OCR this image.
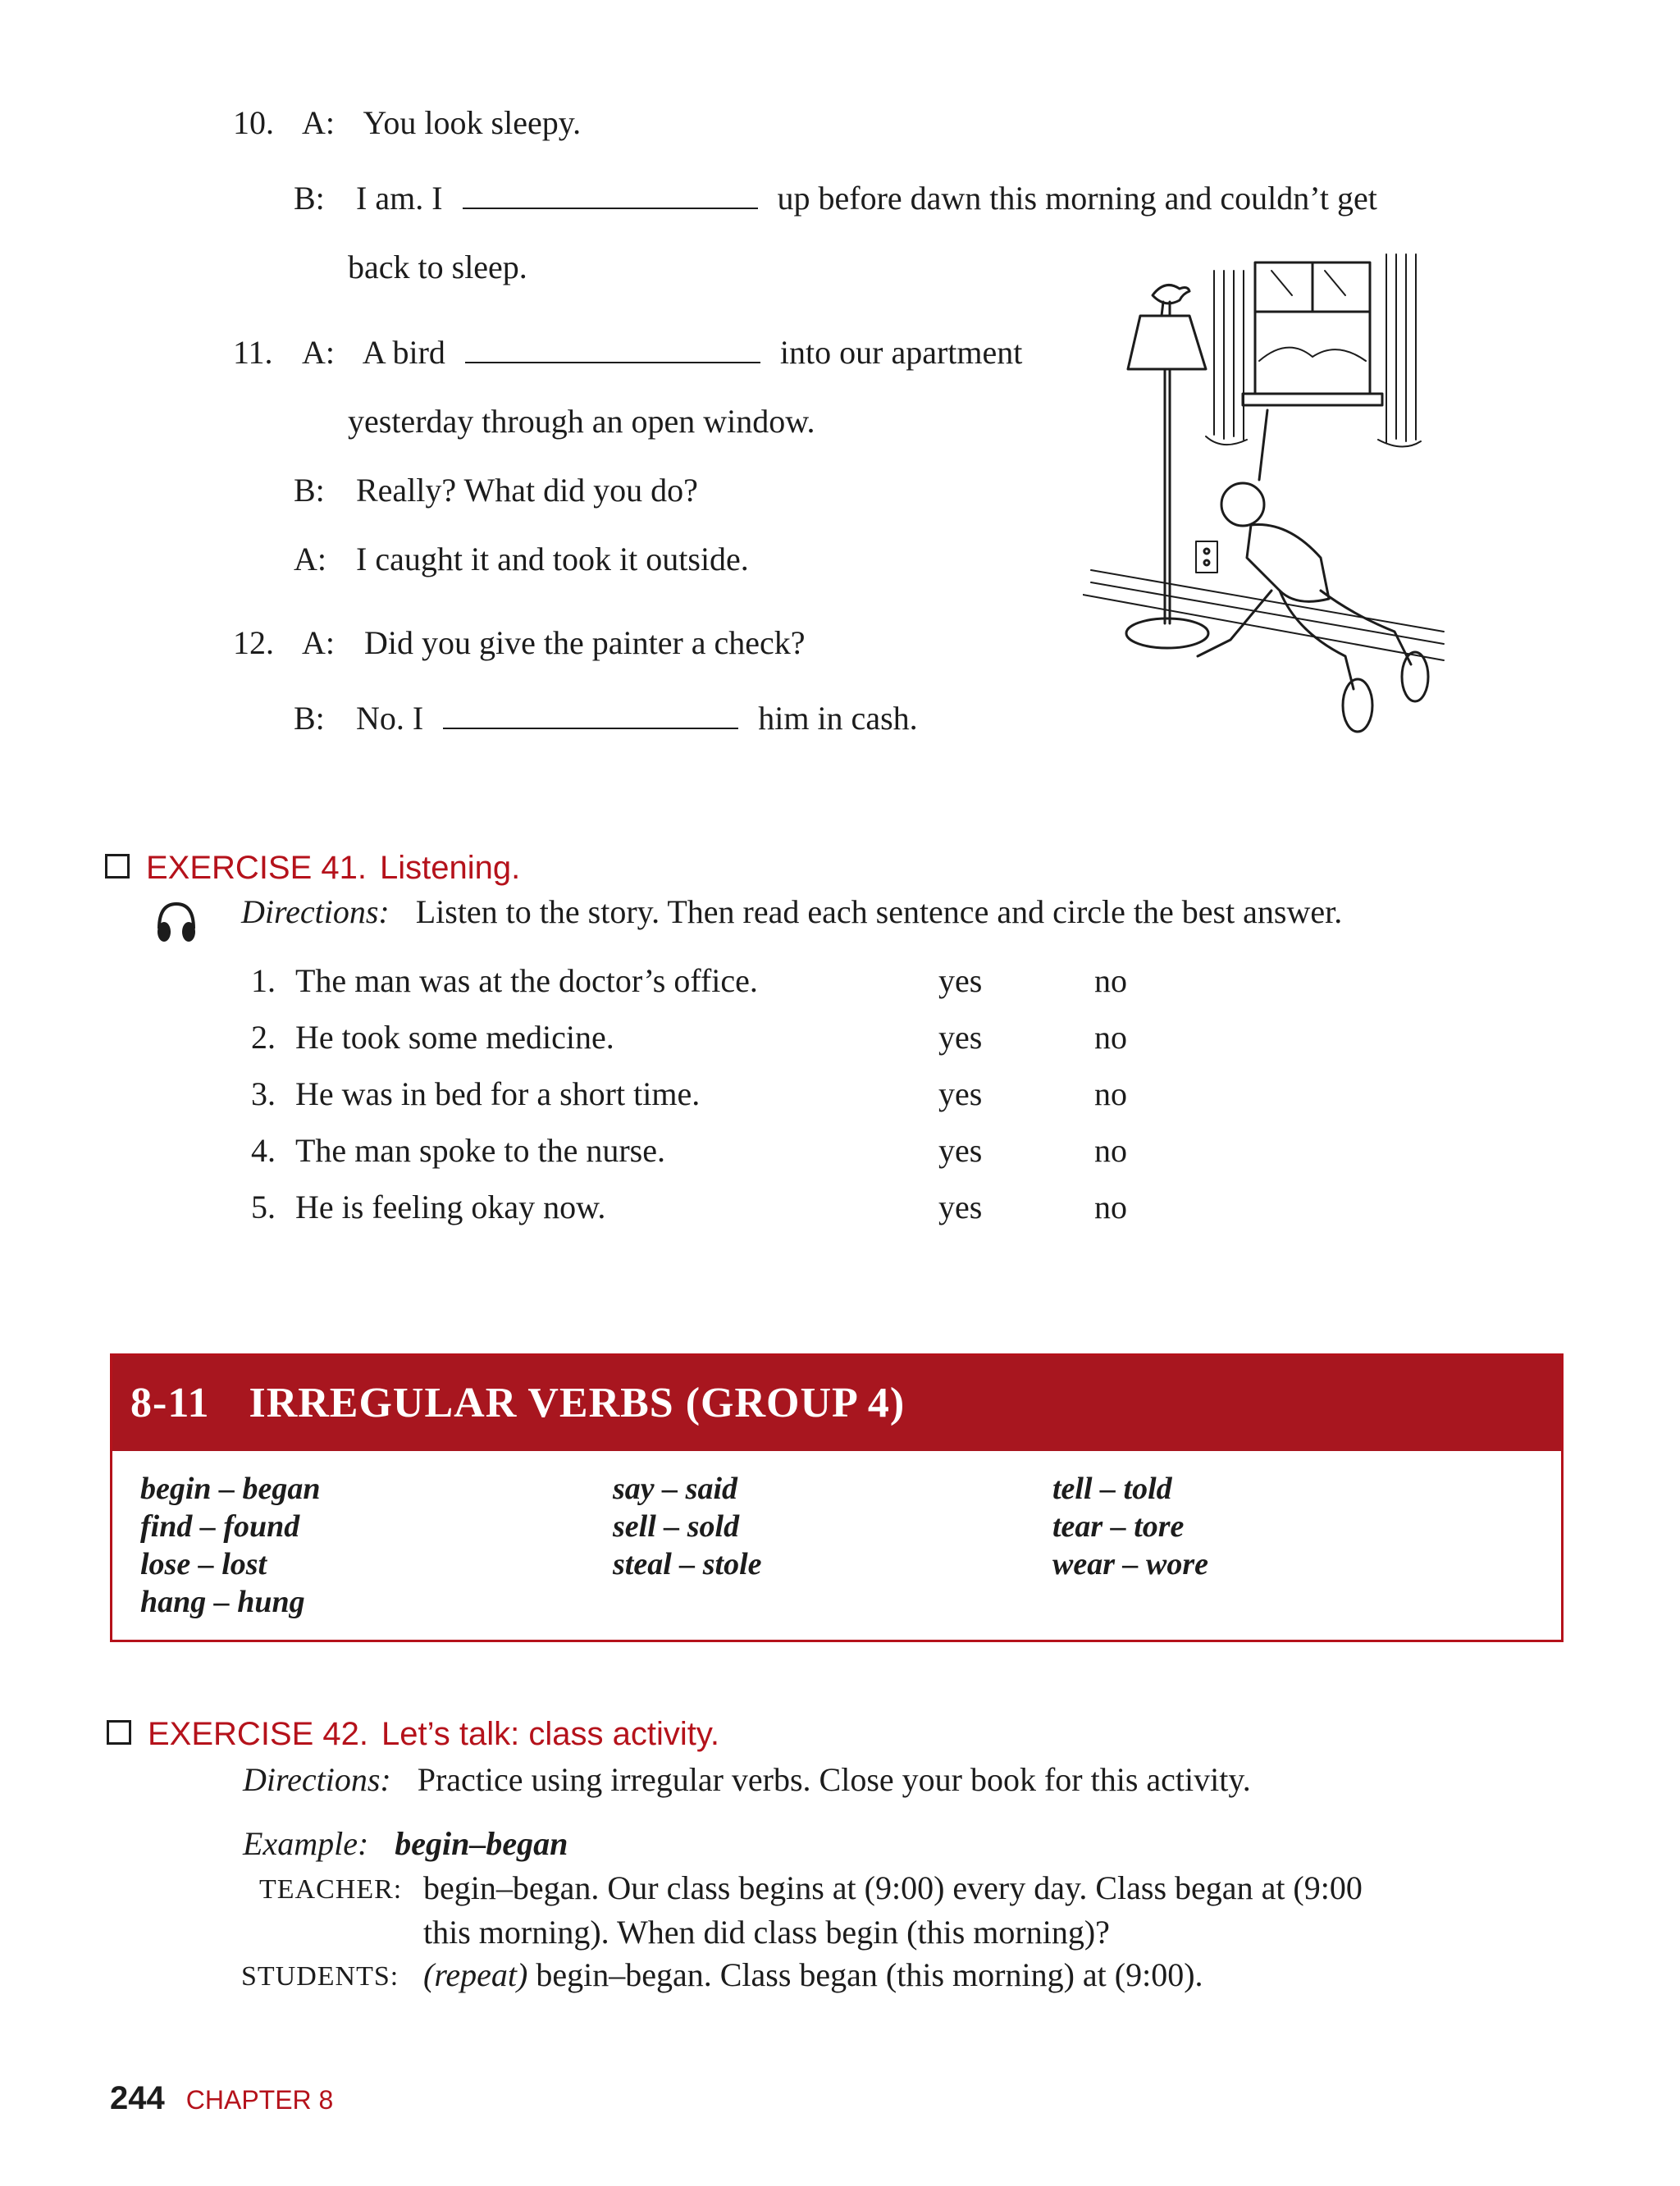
10. A: You look sleepy.
B: I am. I	up before dawn this morning and couldn’t get
back to sleep.
11. A: A bird	into our apartment
yesterday through an open window.
B: Really? What did you do?
A: I caught it and took it outside.
12. A: Did you give the painter a check?
B: No. I	him in cash.
EXERCISE 41. Listening.
Directions: Listen to the story. Then read each sentence and circle the best answer.
1. The man was at the doctor’s office.	yes	no
2. He took some medicine.	yes	no
3. He was in bed for a short time.	yes	no
4. The man spoke to the nurse.	yes	no
5. He is feeling okay now.	yes	no
8-11 IRREGULAR VERBS (GROUP 4)
begin – began
find – found
lose – lost
hang – hung
say – said
sell – sold
steal – stole
tell – told
tear – tore
wear – wore
EXERCISE 42. Let’s talk: class activity.
Directions: Practice using irregular verbs. Close your book for this activity.
Example: begin–began
TEACHER: begin–began. Our class begins at (9:00) every day. Class began at (9:00
this morning). When did class begin (this morning)?
STUDENTS: (repeat) begin–began. Class began (this morning) at (9:00).
244 CHAPTER 8
